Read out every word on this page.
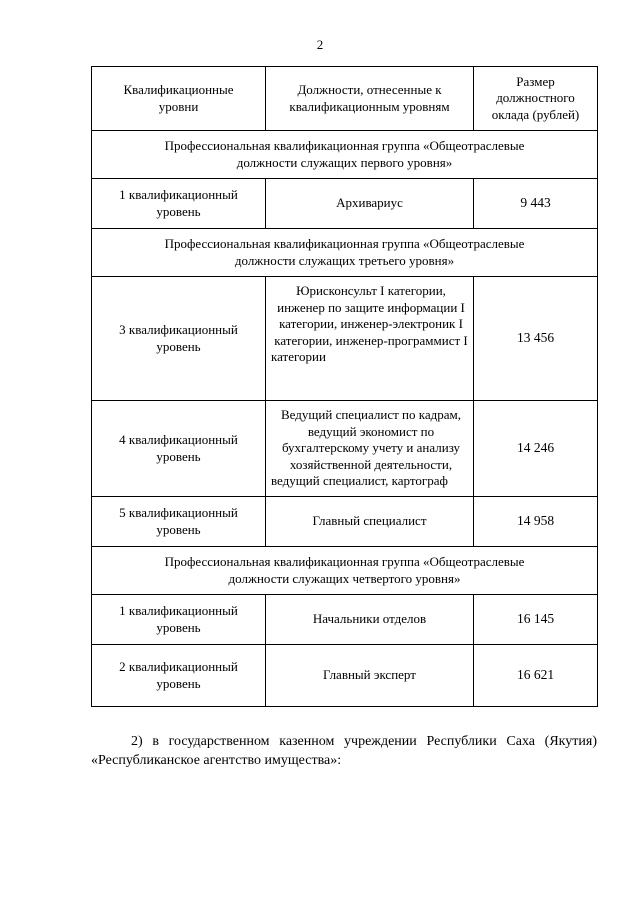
2
Квалификационные уровни	Должности, отнесенные к квалификационным уровням	Размер должностного оклада (рублей)
Профессиональная квалификационная группа «Общеотраслевые должности служащих первого уровня»		
1 квалификационный уровень	Архивариус	9 443
Профессиональная квалификационная группа «Общеотраслевые должности служащих третьего уровня»		
3 квалификационный уровень	Юрисконсульт I категории, инженер по защите информации I категории, инженер-электроник I категории, инженер-программист I категории	13 456
4 квалификационный уровень	Ведущий специалист по кадрам, ведущий экономист по бухгалтерскому учету и анализу хозяйственной деятельности, ведущий специалист, картограф	14 246
5 квалификационный уровень	Главный специалист	14 958
Профессиональная квалификационная группа «Общеотраслевые должности служащих четвертого уровня»		
1 квалификационный уровень	Начальники отделов	16 145
2 квалификационный уровень	Главный эксперт	16 621
2) в государственном казенном учреждении Республики Саха (Якутия) «Республиканское агентство имущества»:
